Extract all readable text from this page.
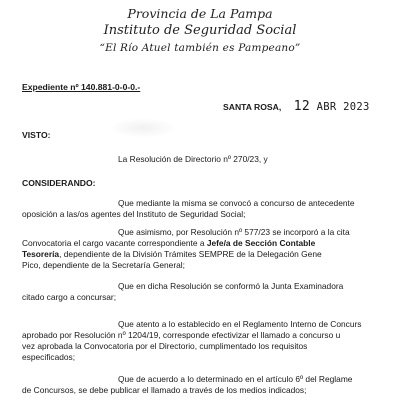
Provincia de La Pampa
Instituto de Seguridad Social
“El Río Atuel también es Pampeano”
Expediente nº 140.881-0-0-0.-
SANTA ROSA, 12 ABR 2023
VISTO:
La Resolución de Directorio nº 270/23, y
CONSIDERANDO:
Que mediante la misma se convocó a concurso de antecedente
oposición a las/os agentes del Instituto de Seguridad Social;
Que asimismo, por Resolución nº 577/23 se incorporó a la cita
Convocatoria el cargo vacante correspondiente a Jefe/a de Sección Contable
Tesorería, dependiente de la División Trámites SEMPRE de la Delegación Gene
Pico, dependiente de la Secretaría General;
Que en dicha Resolución se conformó la Junta Examinadora
citado cargo a concursar;
Que atento a lo establecido en el Reglamento Interno de Concurs
aprobado por Resolución nº 1204/19, corresponde efectivizar el llamado a concurso u
vez aprobada la Convocatoria por el Directorio, cumplimentado los requisitos
especificados;
Que de acuerdo a lo determinado en el artículo 6º del Reglame
de Concursos, se debe publicar el llamado a través de los medios indicados;
